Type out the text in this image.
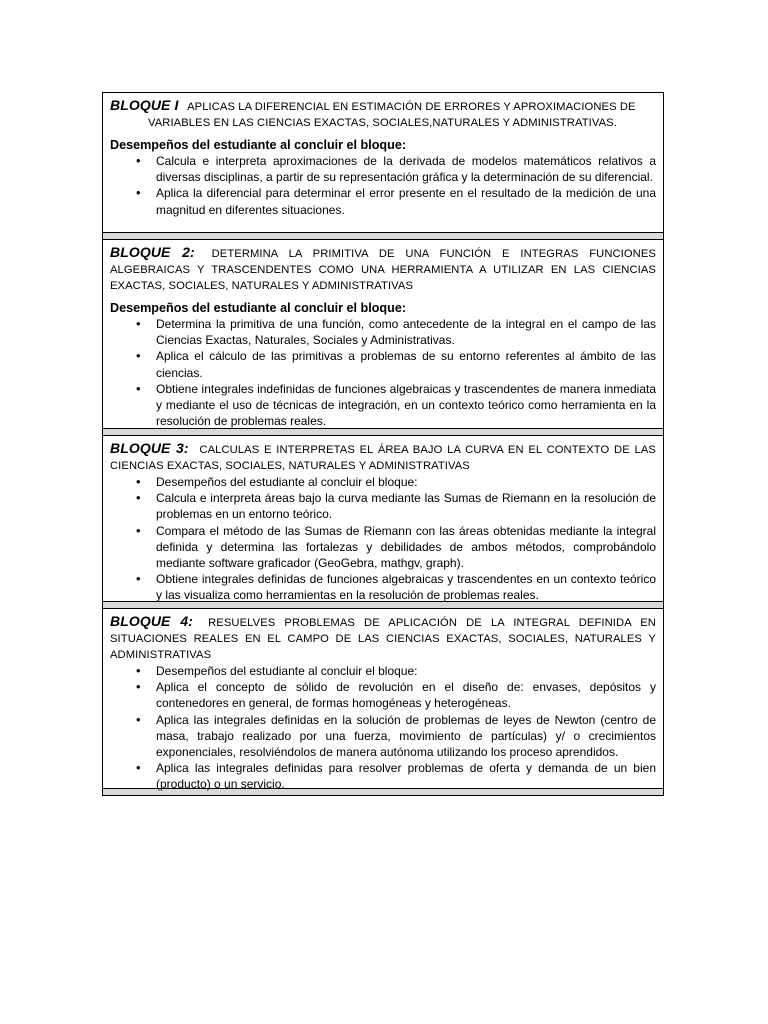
BLOQUE I APLICAS LA DIFERENCIAL EN ESTIMACIÓN DE ERRORES Y APROXIMACIONES DE
VARIABLES EN LAS CIENCIAS EXACTAS, SOCIALES,NATURALES Y ADMINISTRATIVAS.
Desempeños del estudiante al concluir el bloque:
• Calcula e interpreta aproximaciones de la derivada de modelos matemáticos relativos a diversas disciplinas, a partir de su representación gráfica y la determinación de su diferencial.
• Aplica la diferencial para determinar el error presente en el resultado de la medición de una magnitud en diferentes situaciones.
BLOQUE 2: DETERMINA LA PRIMITIVA DE UNA FUNCIÓN E INTEGRAS FUNCIONES ALGEBRAICAS Y TRASCENDENTES COMO UNA HERRAMIENTA A UTILIZAR EN LAS CIENCIAS EXACTAS, SOCIALES, NATURALES Y ADMINISTRATIVAS
Desempeños del estudiante al concluir el bloque:
• Determina la primitiva de una función, como antecedente de la integral en el campo de las Ciencias Exactas, Naturales, Sociales y Administrativas.
• Aplica el cálculo de las primitivas a problemas de su entorno referentes al ámbito de las ciencias.
• Obtiene integrales indefinidas de funciones algebraicas y trascendentes de manera inmediata y mediante el uso de técnicas de integración, en un contexto teórico como herramienta en la resolución de problemas reales.
BLOQUE 3: CALCULAS E INTERPRETAS EL ÁREA BAJO LA CURVA EN EL CONTEXTO DE LAS CIENCIAS EXACTAS, SOCIALES, NATURALES Y ADMINISTRATIVAS
• Desempeños del estudiante al concluir el bloque:
• Calcula e interpreta áreas bajo la curva mediante las Sumas de Riemann en la resolución de problemas en un entorno teórico.
• Compara el método de las Sumas de Riemann con las áreas obtenidas mediante la integral definida y determina las fortalezas y debilidades de ambos métodos, comprobándolo mediante software graficador (GeoGebra, mathgv, graph).
• Obtiene integrales definidas de funciones algebraicas y trascendentes en un contexto teórico y las visualiza como herramientas en la resolución de problemas reales.
BLOQUE 4: RESUELVES PROBLEMAS DE APLICACIÓN DE LA INTEGRAL DEFINIDA EN SITUACIONES REALES EN EL CAMPO DE LAS CIENCIAS EXACTAS, SOCIALES, NATURALES Y ADMINISTRATIVAS
• Desempeños del estudiante al concluir el bloque:
• Aplica el concepto de sólido de revolución en el diseño de: envases, depósitos y contenedores en general, de formas homogéneas y heterogéneas.
• Aplica las integrales definidas en la solución de problemas de leyes de Newton (centro de masa, trabajo realizado por una fuerza, movimiento de partículas) y/ o crecimientos exponenciales, resolviéndolos de manera autónoma utilizando los proceso aprendidos.
• Aplica las integrales definidas para resolver problemas de oferta y demanda de un bien (producto) o un servicio.
